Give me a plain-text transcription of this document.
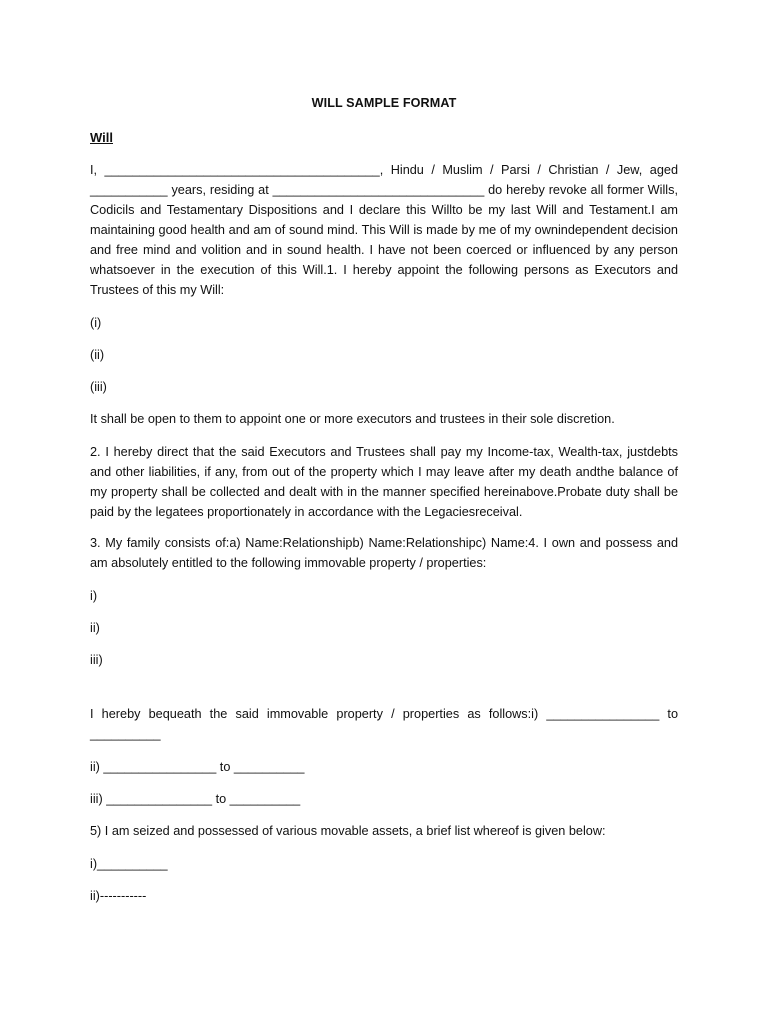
WILL SAMPLE FORMAT
Will

I, _______________________________________, Hindu / Muslim / Parsi / Christian / Jew, aged ___________ years, residing at ______________________________ do hereby revoke all former Wills, Codicils and Testamentary Dispositions and I declare this Willto be my last Will and Testament.I am maintaining good health and am of sound mind. This Will is made by me of my ownindependent decision and free mind and volition and in sound health. I have not been coerced or influenced by any person whatsoever in the execution of this Will.1. I hereby appoint the following persons as Executors and Trustees of this my Will:

(i)

(ii)

(iii)

It shall be open to them to appoint one or more executors and trustees in their sole discretion.

2. I hereby direct that the said Executors and Trustees shall pay my Income-tax, Wealth-tax, justdebts and other liabilities, if any, from out of the property which I may leave after my death andthe balance of my property shall be collected and dealt with in the manner specified hereinabove.Probate duty shall be paid by the legatees proportionately in accordance with the Legaciesreceival.

3. My family consists of:a) Name:Relationshipb) Name:Relationshipc) Name:4. I own and possess and am absolutely entitled to the following immovable property / properties:

i)

ii)

iii)

I hereby bequeath the said immovable property / properties as follows:i) ________________ to

__________

ii) ________________ to __________

iii) _______________ to __________

5) I am seized and possessed of various movable assets, a brief list whereof is given below:

i)__________

ii)-----------
